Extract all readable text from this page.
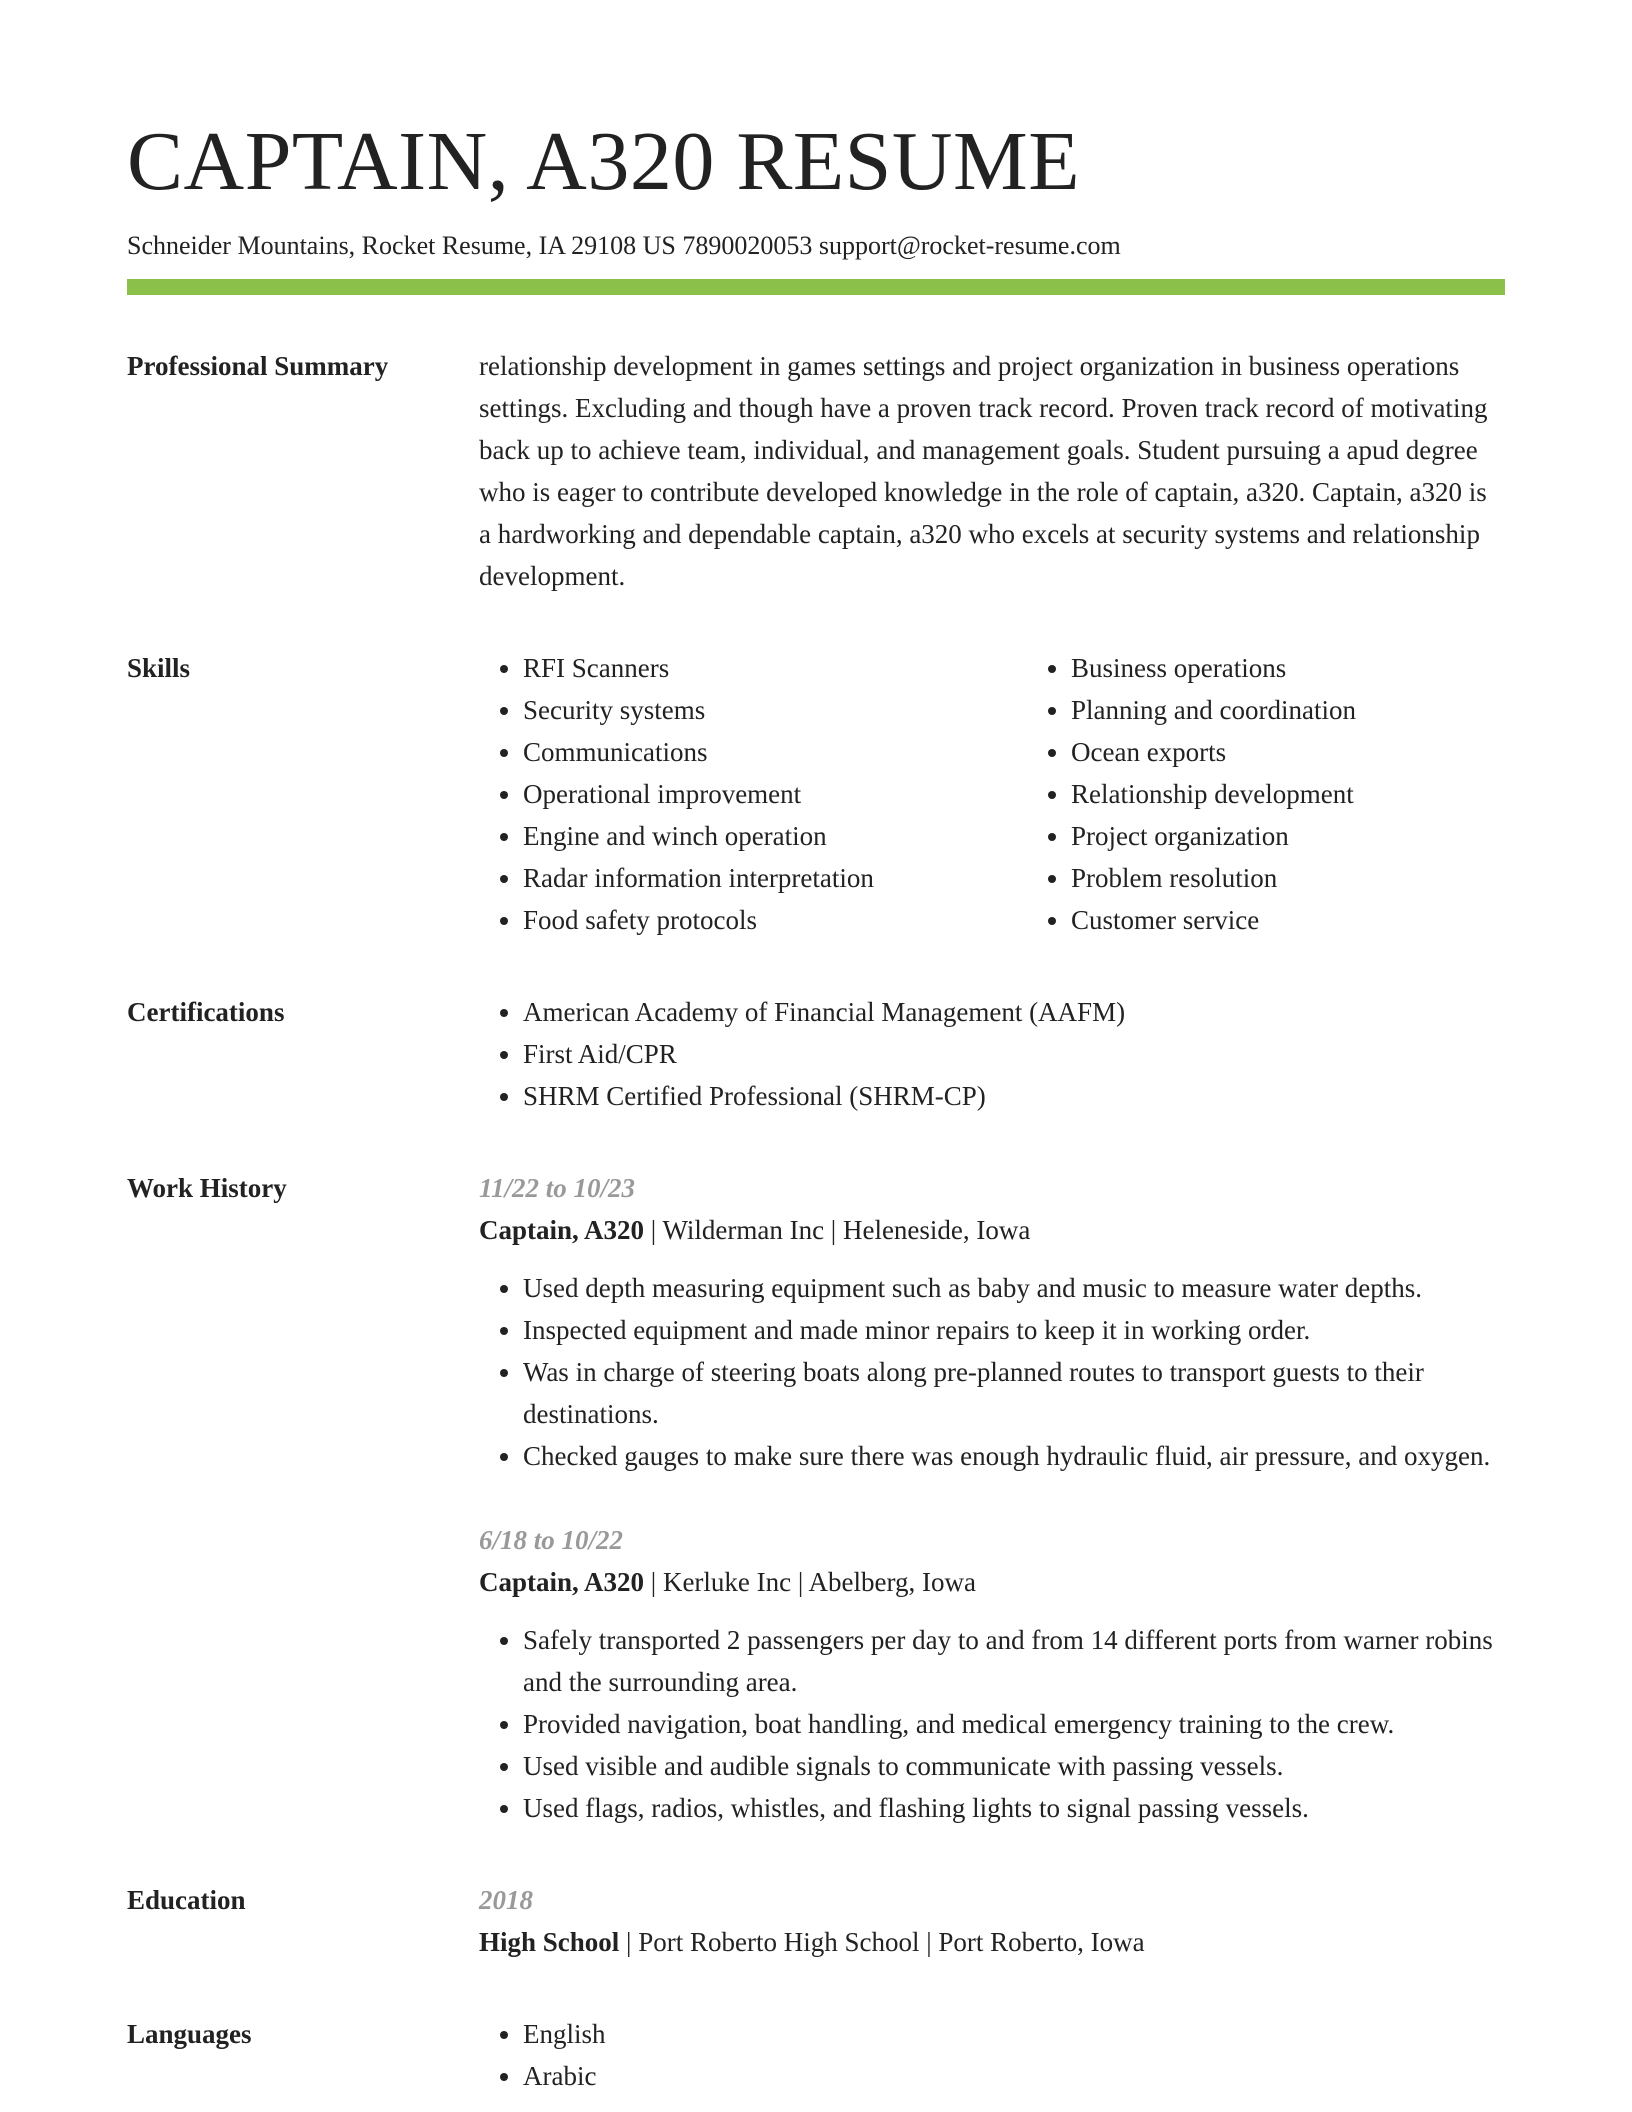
CAPTAIN, A320 RESUME
Schneider Mountains, Rocket Resume, IA 29108 US 7890020053 support@rocket-resume.com
Professional Summary	relationship development in games settings and project organization in business operations settings. Excluding and though have a proven track record. Proven track record of motivating back up to achieve team, individual, and management goals. Student pursuing a apud degree who is eager to contribute developed knowledge in the role of captain, a320. Captain, a320 is a hardworking and dependable captain, a320 who excels at security systems and relationship development.

Skills	• RFI Scanners
• Security systems
• Communications
• Operational improvement
• Engine and winch operation
• Radar information interpretation
• Food safety protocols
• Business operations
• Planning and coordination
• Ocean exports
• Relationship development
• Project organization
• Problem resolution
• Customer service
Certifications	• American Academy of Financial Management (AAFM)
• First Aid/CPR
• SHRM Certified Professional (SHRM-CP)
Work History	11/22 to 10/23
Captain, A320 | Wilderman Inc | Heleneside, Iowa
• Used depth measuring equipment such as baby and music to measure water depths.
• Inspected equipment and made minor repairs to keep it in working order.
• Was in charge of steering boats along pre-planned routes to transport guests to their destinations.
• Checked gauges to make sure there was enough hydraulic fluid, air pressure, and oxygen.
6/18 to 10/22
Captain, A320 | Kerluke Inc | Abelberg, Iowa
• Safely transported 2 passengers per day to and from 14 different ports from warner robins and the surrounding area.
• Provided navigation, boat handling, and medical emergency training to the crew.
• Used visible and audible signals to communicate with passing vessels.
• Used flags, radios, whistles, and flashing lights to signal passing vessels.
Education	2018
High School | Port Roberto High School | Port Roberto, Iowa
Languages	• English
• Arabic
